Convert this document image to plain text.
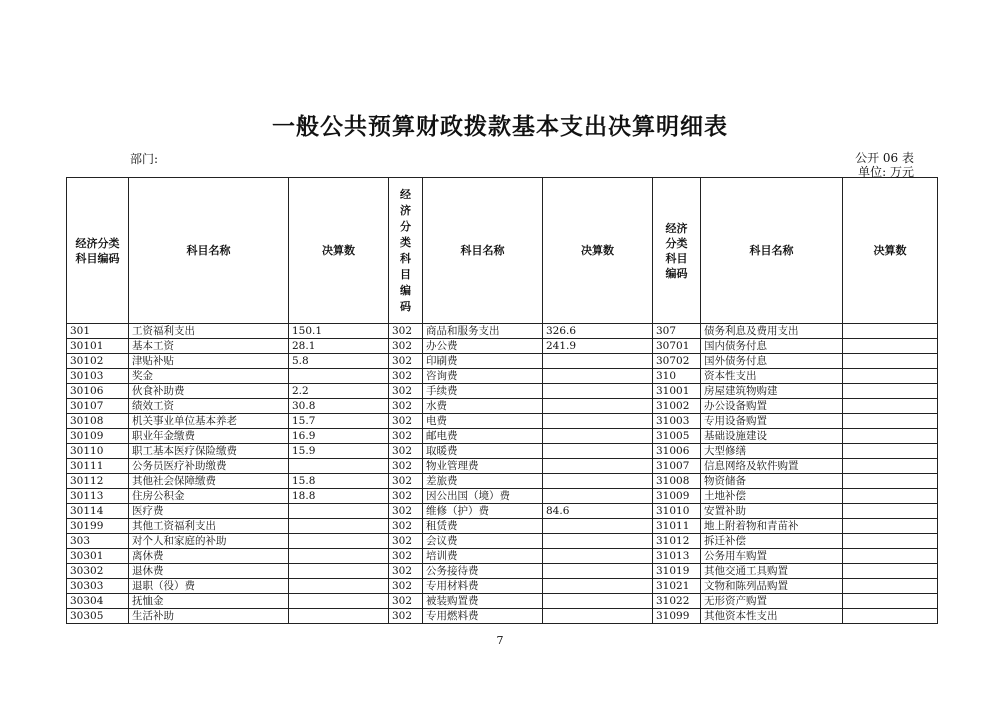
一般公共预算财政拨款基本支出决算明细表
部门:	公开 06 表
单位: 万元
经济分类科目编码	科目名称	决算数	经济分类科目编码	科目名称	决算数	经济分类科目编码	科目名称	决算数
301	工资福利支出	150.1	302	商品和服务支出	326.6	307	债务利息及费用支出	
30101	基本工资	28.1	302	办公费	241.9	30701	国内债务付息	
30102	津贴补贴	5.8	302	印刷费		30702	国外债务付息	
30103	奖金		302	咨询费		310	资本性支出	
30106	伙食补助费	2.2	302	手续费		31001	房屋建筑物购建	
30107	绩效工资	30.8	302	水费		31002	办公设备购置	
30108	机关事业单位基本养老	15.7	302	电费		31003	专用设备购置	
30109	职业年金缴费	16.9	302	邮电费		31005	基础设施建设	
30110	职工基本医疗保险缴费	15.9	302	取暖费		31006	大型修缮	
30111	公务员医疗补助缴费		302	物业管理费		31007	信息网络及软件购置	
30112	其他社会保障缴费	15.8	302	差旅费		31008	物资储备	
30113	住房公积金	18.8	302	因公出国（境）费		31009	土地补偿	
30114	医疗费		302	维修（护）费	84.6	31010	安置补助	
30199	其他工资福利支出		302	租赁费		31011	地上附着物和青苗补	
303	对个人和家庭的补助		302	会议费		31012	拆迁补偿	
30301	离休费		302	培训费		31013	公务用车购置	
30302	退休费		302	公务接待费		31019	其他交通工具购置	
30303	退职（役）费		302	专用材料费		31021	文物和陈列品购置	
30304	抚恤金		302	被装购置费		31022	无形资产购置	
30305	生活补助		302	专用燃料费		31099	其他资本性支出	
7
